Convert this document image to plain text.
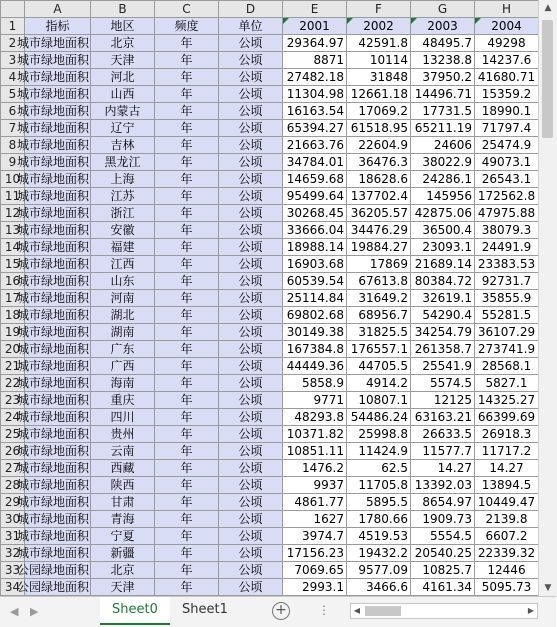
	A	B	C	D	E	F	G	H
1	指标	地区	频度	单位	2001	2002	2003	2004
2	城市绿地面积	北京	年	公顷	29364.97	42591.8	48495.7	49298
3	城市绿地面积	天津	年	公顷	8871	10114	13238.8	14237.6
4	城市绿地面积	河北	年	公顷	27482.18	31848	37950.2	41680.71
5	城市绿地面积	山西	年	公顷	11304.98	12661.18	14496.71	15359.2
6	城市绿地面积	内蒙古	年	公顷	16163.54	17069.2	17731.5	18990.1
7	城市绿地面积	辽宁	年	公顷	65394.27	61518.95	65211.19	71797.4
8	城市绿地面积	吉林	年	公顷	21663.76	22604.9	24606	25474.9
9	城市绿地面积	黑龙江	年	公顷	34784.01	36476.3	38022.9	49073.1
10	城市绿地面积	上海	年	公顷	14659.68	18628.6	24286.1	26543.1
11	城市绿地面积	江苏	年	公顷	95499.64	137702.4	145956	172562.8
12	城市绿地面积	浙江	年	公顷	30268.45	36205.57	42875.06	47975.88
13	城市绿地面积	安徽	年	公顷	33666.04	34476.29	36500.4	38079.3
14	城市绿地面积	福建	年	公顷	18988.14	19884.27	23093.1	24491.9
15	城市绿地面积	江西	年	公顷	16903.68	17869	21689.14	23383.53
16	城市绿地面积	山东	年	公顷	60539.54	67613.8	80384.72	92731.7
17	城市绿地面积	河南	年	公顷	25114.84	31649.2	32619.1	35855.9
18	城市绿地面积	湖北	年	公顷	69802.68	68956.7	54290.4	55281.5
19	城市绿地面积	湖南	年	公顷	30149.38	31825.5	34254.79	36107.29
20	城市绿地面积	广东	年	公顷	167384.8	176557.1	261358.7	273741.9
21	城市绿地面积	广西	年	公顷	44449.36	44705.5	25541.9	28568.1
22	城市绿地面积	海南	年	公顷	5858.9	4914.2	5574.5	5827.1
23	城市绿地面积	重庆	年	公顷	9771	10807.1	12125	14325.27
24	城市绿地面积	四川	年	公顷	48293.8	54486.24	63163.21	66399.69
25	城市绿地面积	贵州	年	公顷	10371.82	25998.8	26633.5	26918.3
26	城市绿地面积	云南	年	公顷	10851.11	11424.9	11577.7	11717.2
27	城市绿地面积	西藏	年	公顷	1476.2	62.5	14.27	14.27
28	城市绿地面积	陕西	年	公顷	9937	11705.8	13392.03	13894.5
29	城市绿地面积	甘肃	年	公顷	4861.77	5895.5	8654.97	10449.47
30	城市绿地面积	青海	年	公顷	1627	1780.66	1909.73	2139.8
31	城市绿地面积	宁夏	年	公顷	3974.7	4519.53	5554.5	6607.2
32	城市绿地面积	新疆	年	公顷	17156.23	19432.2	20540.25	22339.32
33	公园绿地面积	北京	年	公顷	7069.65	9577.09	10825.7	12446
34	公园绿地面积	天津	年	公顷	2993.1	3466.6	4161.34	5095.73
▲
▼
◀ ▶	Sheet0	Sheet1	+	⋮	◀	▶
